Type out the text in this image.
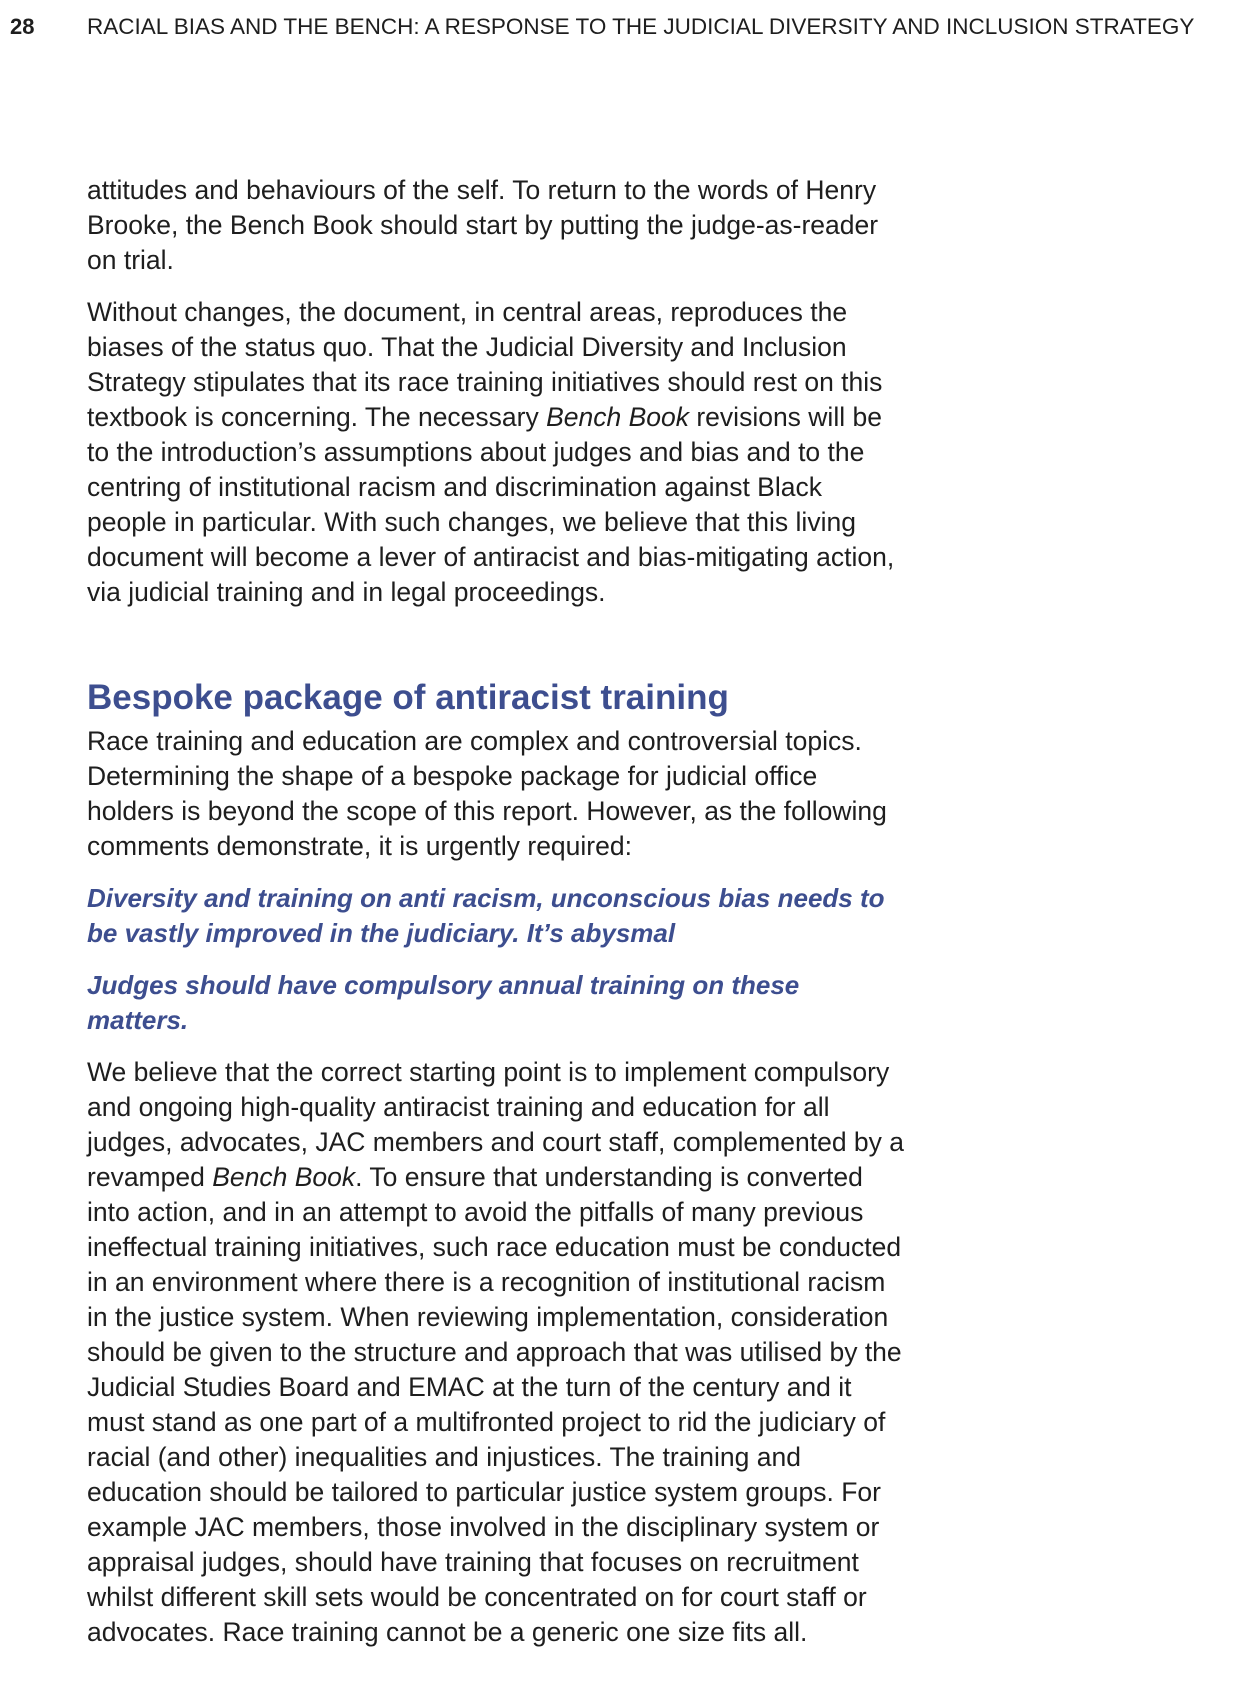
28	RACIAL BIAS AND THE BENCH: A RESPONSE TO THE JUDICIAL DIVERSITY AND INCLUSION STRATEGY

attitudes and behaviours of the self. To return to the words of Henry Brooke, the Bench Book should start by putting the judge-as-reader on trial.

Without changes, the document, in central areas, reproduces the biases of the status quo. That the Judicial Diversity and Inclusion Strategy stipulates that its race training initiatives should rest on this textbook is concerning. The necessary Bench Book revisions will be to the introduction’s assumptions about judges and bias and to the centring of institutional racism and discrimination against Black people in particular. With such changes, we believe that this living document will become a lever of antiracist and bias-mitigating action, via judicial training and in legal proceedings.

Bespoke package of antiracist training

Race training and education are complex and controversial topics. Determining the shape of a bespoke package for judicial office holders is beyond the scope of this report. However, as the following comments demonstrate, it is urgently required:

Diversity and training on anti racism, unconscious bias needs to be vastly improved in the judiciary. It’s abysmal

Judges should have compulsory annual training on these matters.

We believe that the correct starting point is to implement compulsory and ongoing high-quality antiracist training and education for all judges, advocates, JAC members and court staff, complemented by a revamped Bench Book. To ensure that understanding is converted into action, and in an attempt to avoid the pitfalls of many previous ineffectual training initiatives, such race education must be conducted in an environment where there is a recognition of institutional racism in the justice system. When reviewing implementation, consideration should be given to the structure and approach that was utilised by the Judicial Studies Board and EMAC at the turn of the century and it must stand as one part of a multifronted project to rid the judiciary of racial (and other) inequalities and injustices. The training and education should be tailored to particular justice system groups. For example JAC members, those involved in the disciplinary system or appraisal judges, should have training that focuses on recruitment whilst different skill sets would be concentrated on for court staff or advocates. Race training cannot be a generic one size fits all.
